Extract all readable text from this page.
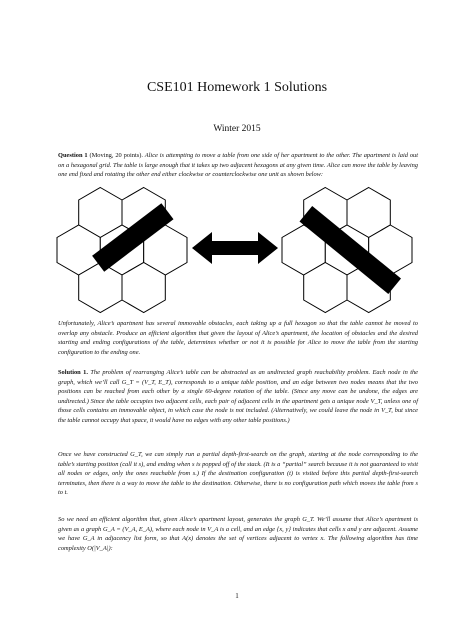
CSE101 Homework 1 Solutions
Winter 2015

Question 1 (Moving, 20 points). Alice is attempting to move a table from one side of her apartment to the other. The apartment is laid out on a hexagonal grid. The table is large enough that it takes up two adjacent hexagons at any given time. Alice can move the table by leaving one end fixed and rotating the other end either clockwise or counterclockwise one unit as shown below:

Unfortunately, Alice’s apartment has several immovable obstacles, each taking up a full hexagon so that the table cannot be moved to overlap any obstacle. Produce an efficient algorithm that given the layout of Alice’s apartment, the location of obstacles and the desired starting and ending configurations of the table, determines whether or not it is possible for Alice to move the table from the starting configuration to the ending one.

Solution 1. The problem of rearranging Alice’s table can be abstracted as an undirected graph reachability problem. Each node in the graph, which we’ll call G_T = (V_T, E_T), corresponds to a unique table position, and an edge between two nodes means that the two positions can be reached from each other by a single 60-degree rotation of the table. (Since any move can be undone, the edges are undirected.) Since the table occupies two adjacent cells, each pair of adjacent cells in the apartment gets a unique node V_T, unless one of those cells contains an immovable object, in which case the node is not included. (Alternatively, we could leave the node in V_T, but since the table cannot occupy that space, it would have no edges with any other table positions.)

Once we have constructed G_T, we can simply run a partial depth-first-search on the graph, starting at the node corresponding to the table’s starting position (call it s), and ending when s is popped off of the stack. (It is a “partial” search because it is not guaranteed to visit all nodes or edges, only the ones reachable from s.) If the destination configuration (t) is visited before this partial depth-first-search terminates, then there is a way to move the table to the destination. Otherwise, there is no configuration path which moves the table from s to t.

So we need an efficient algorithm that, given Alice’s apartment layout, generates the graph G_T. We’ll assume that Alice’s apartment is given as a graph G_A = (V_A, E_A), where each node in V_A is a cell, and an edge {x, y} indicates that cells x and y are adjacent. Assume we have G_A in adjacency list form, so that A(x) denotes the set of vertices adjacent to vertex x. The following algorithm has time complexity O(|V_A|):

1
